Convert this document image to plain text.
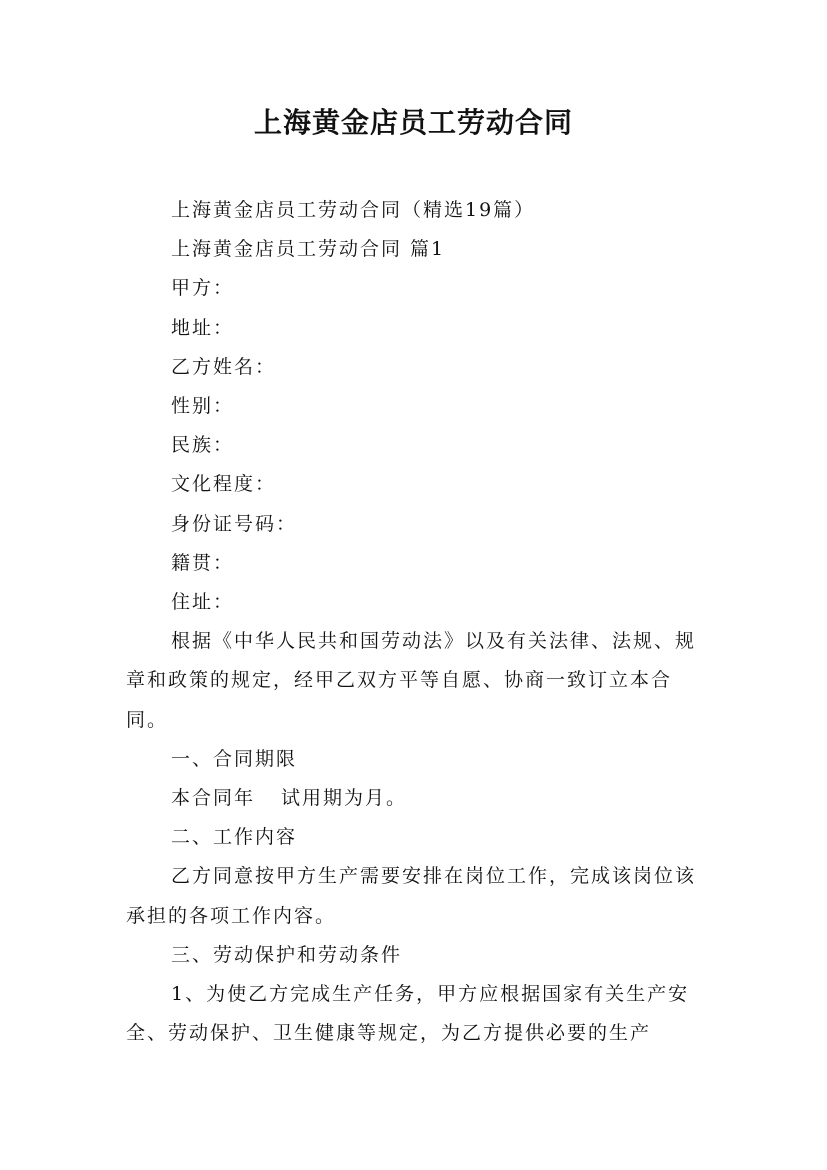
上海黄金店员工劳动合同

上海黄金店员工劳动合同（精选19篇）

上海黄金店员工劳动合同 篇1

甲方：

地址：

乙方姓名：

性别：

民族：

文化程度：

身份证号码：

籍贯：

住址：

根据《中华人民共和国劳动法》以及有关法律、法规、规章和政策的规定，经甲乙双方平等自愿、协商一致订立本合同。

一、合同期限

本合同年 试用期为月。

二、工作内容

乙方同意按甲方生产需要安排在岗位工作，完成该岗位该承担的各项工作内容。

三、劳动保护和劳动条件

1、为使乙方完成生产任务，甲方应根据国家有关生产安全、劳动保护、卫生健康等规定，为乙方提供必要的生产
